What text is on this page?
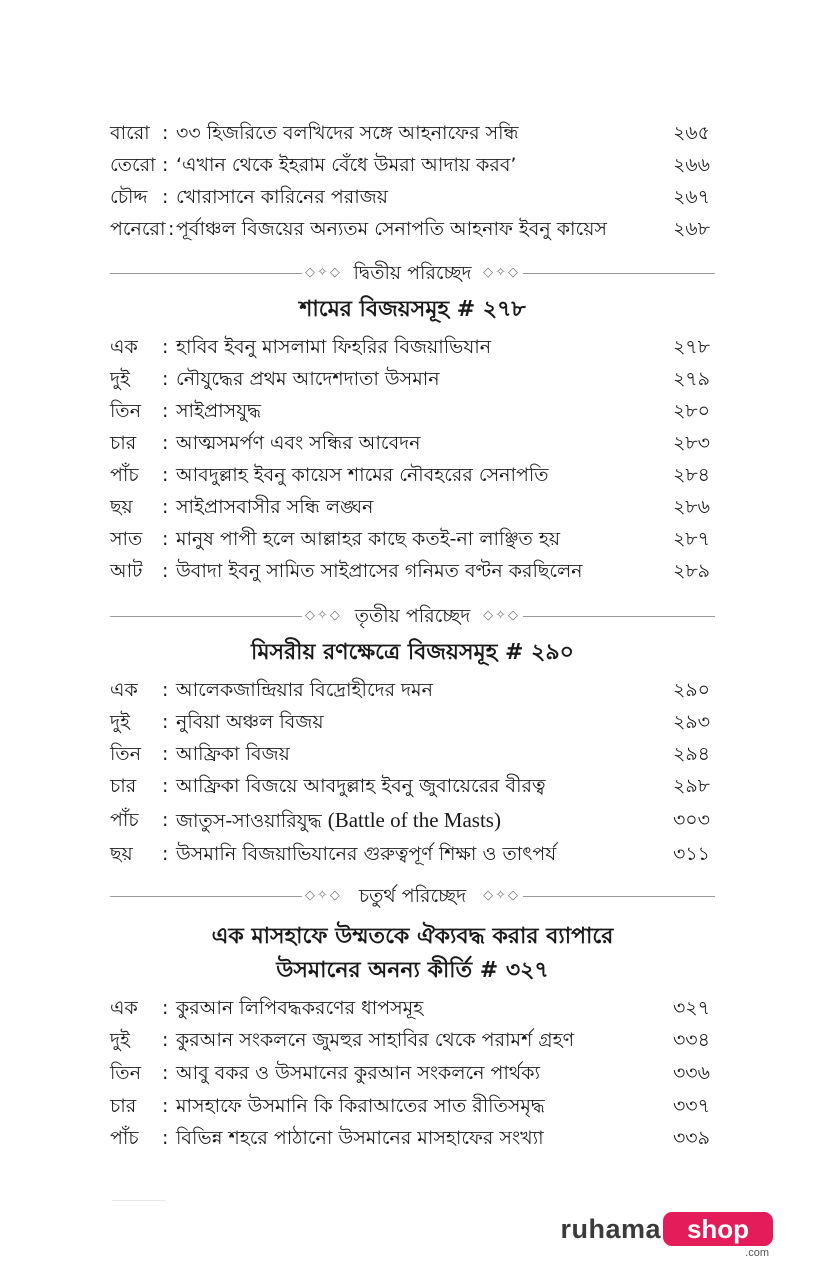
বারো : ৩৩ হিজরিতে বলখিদের সঙ্গে আহনাফের সন্ধি	২৬৫
তেরো : ‘এখান থেকে ইহরাম বেঁধে উমরা আদায় করব’	২৬৬
চৌদ্দ : খোরাসানে কারিনের পরাজয়	২৬৭
পনেরো : পূর্বাঞ্চল বিজয়ের অন্যতম সেনাপতি আহনাফ ইবনু কায়েস	২৬৮
◇✧◇ দ্বিতীয় পরিচ্ছেদ ◇✧◇
শামের বিজয়সমূহ # ২৭৮
এক : হাবিব ইবনু মাসলামা ফিহরির বিজয়াভিযান	২৭৮
দুই : নৌযুদ্ধের প্রথম আদেশদাতা উসমান	২৭৯
তিন : সাইপ্রাসযুদ্ধ	২৮০
চার : আত্মসমর্পণ এবং সন্ধির আবেদন	২৮৩
পাঁচ : আবদুল্লাহ ইবনু কায়েস শামের নৌবহরের সেনাপতি	২৮৪
ছয় : সাইপ্রাসবাসীর সন্ধি লঙ্ঘন	২৮৬
সাত : মানুষ পাপী হলে আল্লাহর কাছে কতই-না লাঞ্ছিত হয়	২৮৭
আট : উবাদা ইবনু সামিত সাইপ্রাসের গনিমত বণ্টন করছিলেন	২৮৯
◇✧◇ তৃতীয় পরিচ্ছেদ ◇✧◇
মিসরীয় রণক্ষেত্রে বিজয়সমূহ # ২৯০
এক : আলেকজান্দ্রিয়ার বিদ্রোহীদের দমন	২৯০
দুই : নুবিয়া অঞ্চল বিজয়	২৯৩
তিন : আফ্রিকা বিজয়	২৯৪
চার : আফ্রিকা বিজয়ে আবদুল্লাহ ইবনু জুবায়েরের বীরত্ব	২৯৮
পাঁচ : জাতুস-সাওয়ারিযুদ্ধ (Battle of the Masts)	৩০৩
ছয় : উসমানি বিজয়াভিযানের গুরুত্বপূর্ণ শিক্ষা ও তাৎপর্য	৩১১
◇✧◇ চতুর্থ পরিচ্ছেদ	◇✧◇
এক মাসহাফে উম্মতকে ঐক্যবদ্ধ করার ব্যাপারে
উসমানের অনন্য কীর্তি # ৩২৭
এক : কুরআন লিপিবদ্ধকরণের ধাপসমূহ	৩২৭
দুই : কুরআন সংকলনে জুমহুর সাহাবির থেকে পরামর্শ গ্রহণ	৩৩৪
তিন : আবু বকর ও উসমানের কুরআন সংকলনে পার্থক্য	৩৩৬
চার : মাসহাফে উসমানি কি কিরাআতের সাত রীতিসমৃদ্ধ	৩৩৭
পাঁচ : বিভিন্ন শহরে পাঠানো উসমানের মাসহাফের সংখ্যা	৩৩৯
ruhama shop
.com
